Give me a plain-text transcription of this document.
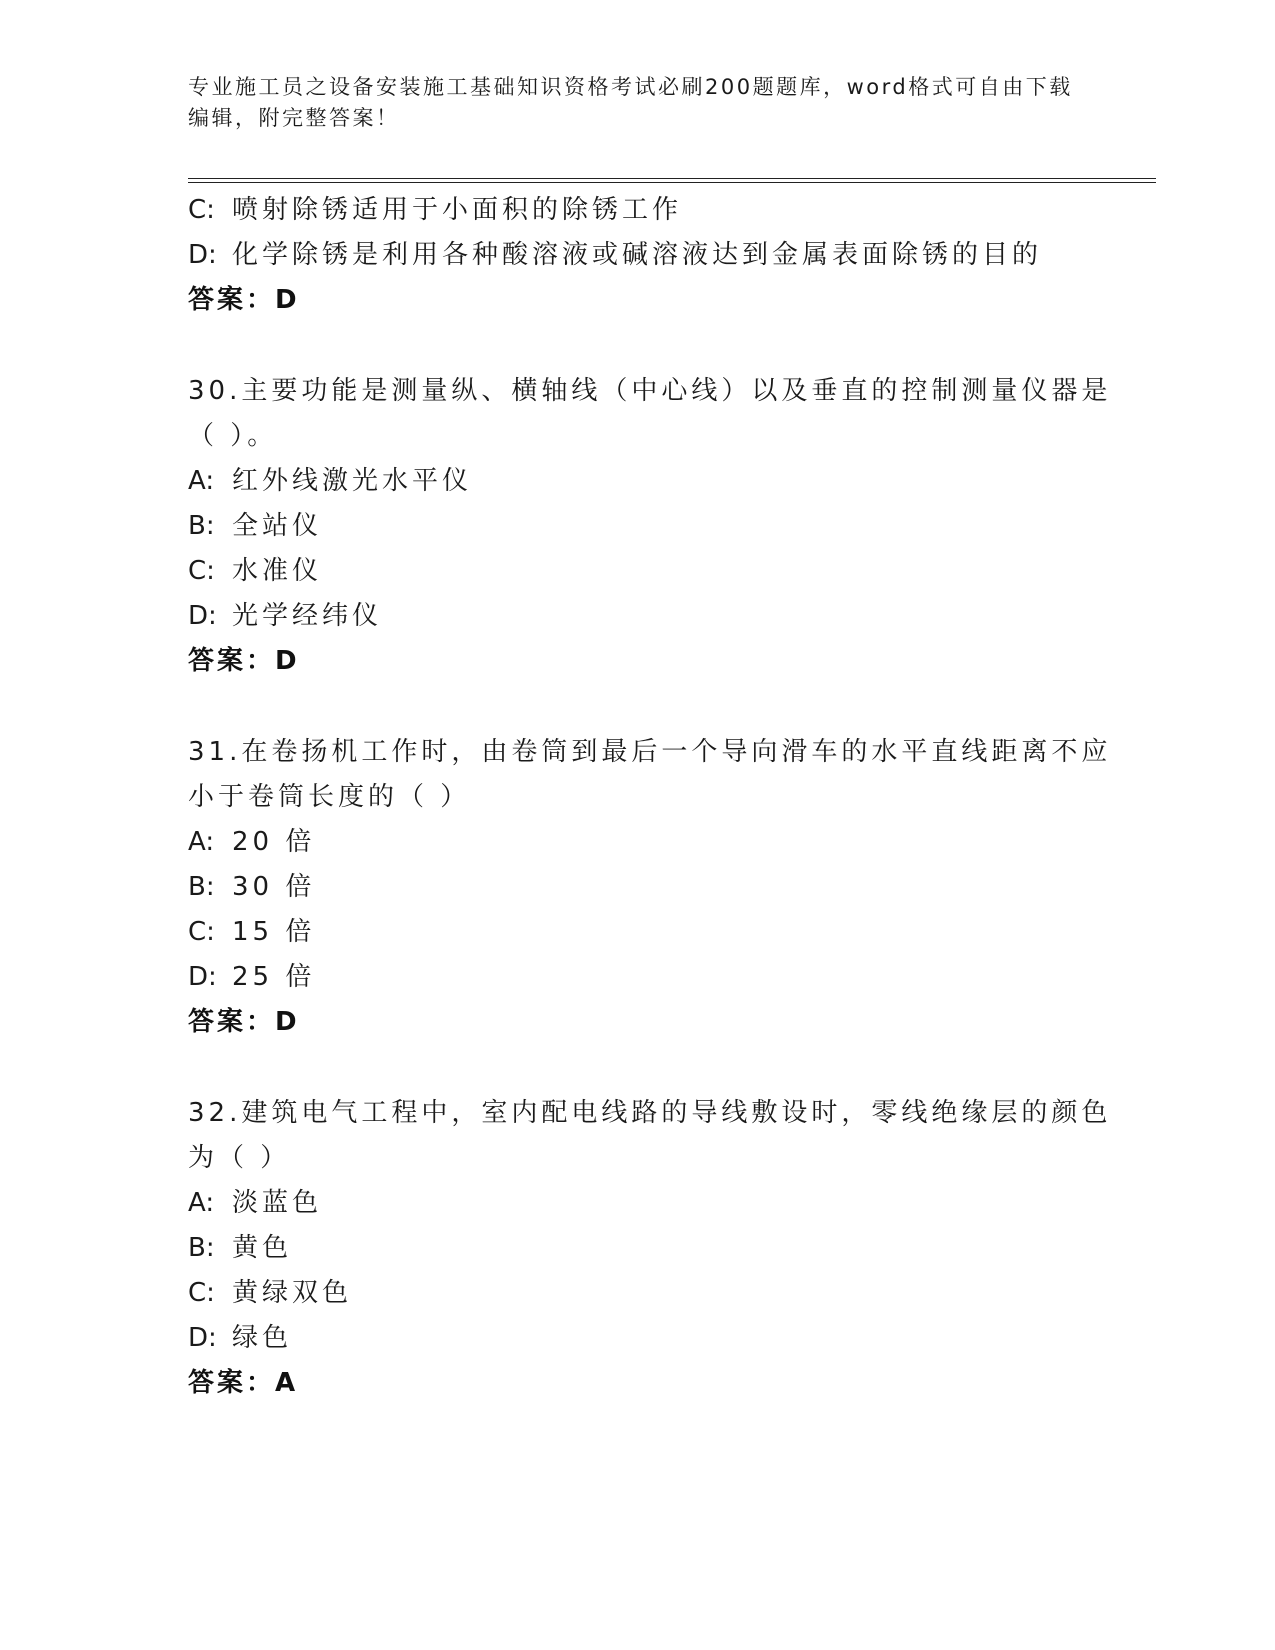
专业施工员之设备安装施工基础知识资格考试必刷200题题库，word格式可自由下载编辑，附完整答案！
C: 喷射除锈适用于小面积的除锈工作
D: 化学除锈是利用各种酸溶液或碱溶液达到金属表面除锈的目的
答案：D
30.主要功能是测量纵、横轴线（中心线）以及垂直的控制测量仪器是
（ ）。
A: 红外线激光水平仪
B: 全站仪
C: 水准仪
D: 光学经纬仪
答案：D
31.在卷扬机工作时，由卷筒到最后一个导向滑车的水平直线距离不应
小于卷筒长度的（ ）
A: 20 倍
B: 30 倍
C: 15 倍
D: 25 倍
答案：D
32.建筑电气工程中，室内配电线路的导线敷设时，零线绝缘层的颜色
为（ ）
A: 淡蓝色
B: 黄色
C: 黄绿双色
D: 绿色
答案：A
